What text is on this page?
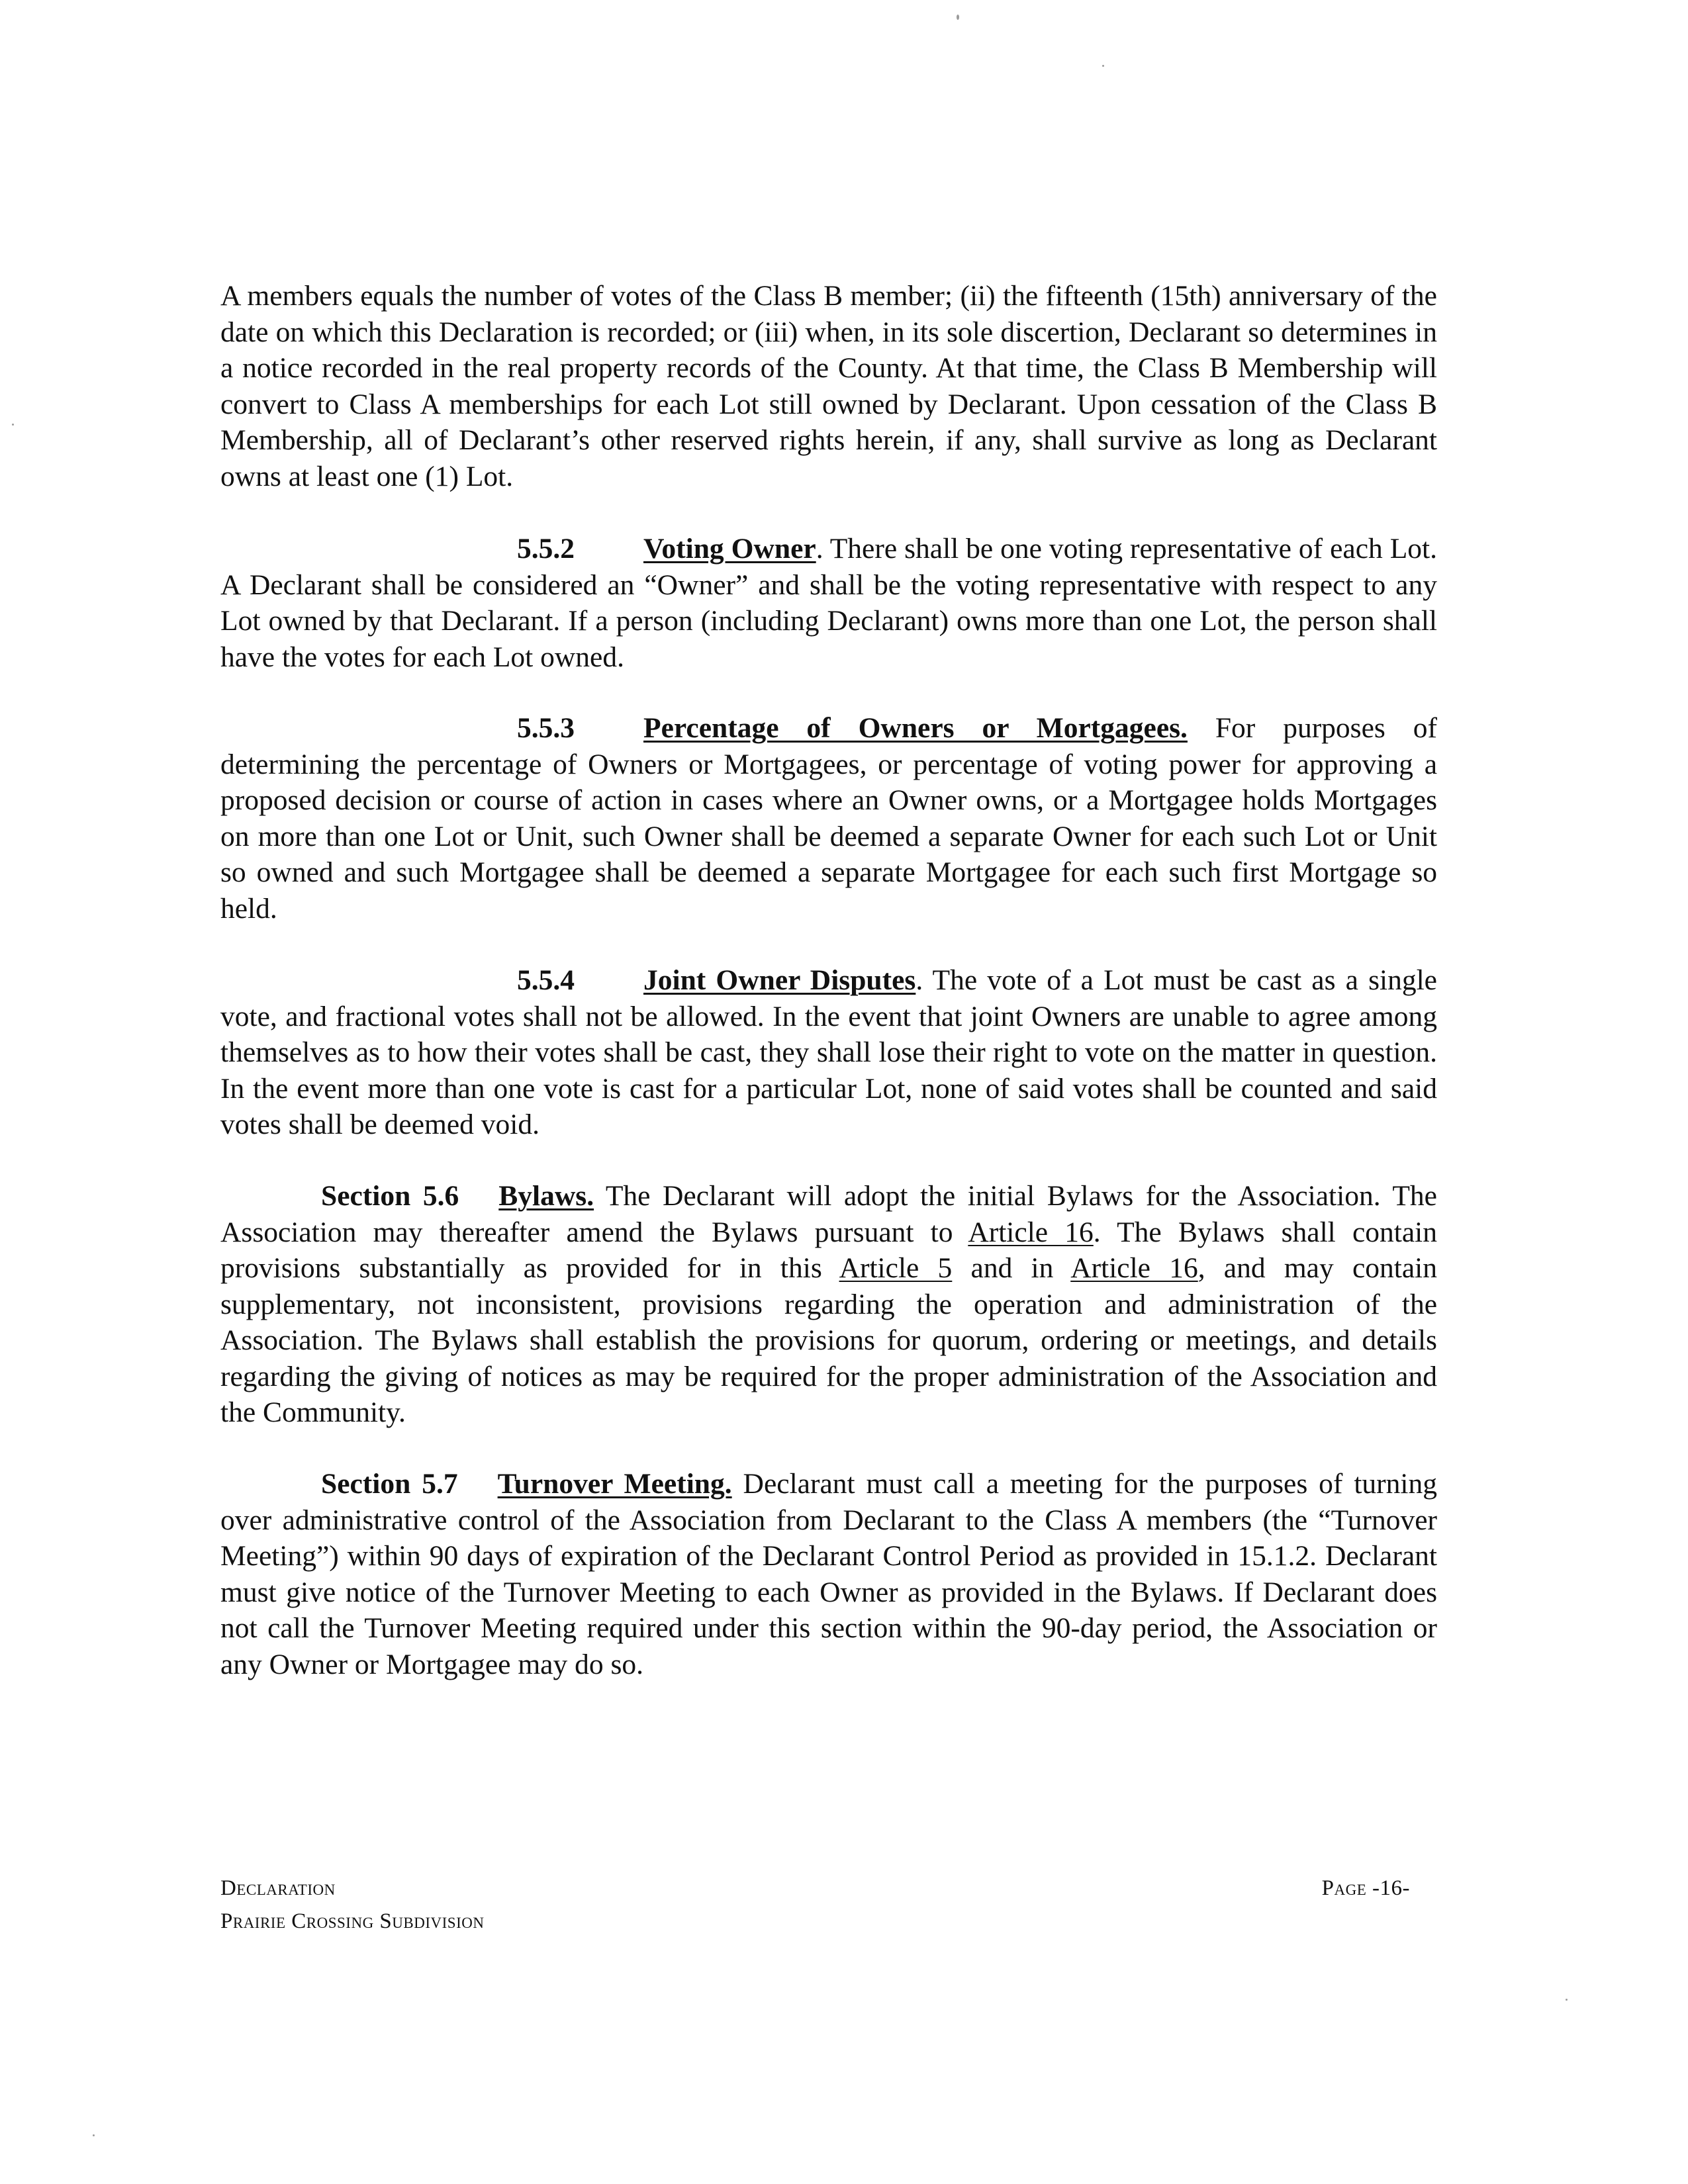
A members equals the number of votes of the Class B member; (ii) the fifteenth (15th) anniversary of the date on which this Declaration is recorded; or (iii) when, in its sole discertion, Declarant so determines in a notice recorded in the real property records of the County. At that time, the Class B Membership will convert to Class A memberships for each Lot still owned by Declarant. Upon cessation of the Class B Membership, all of Declarant’s other reserved rights herein, if any, shall survive as long as Declarant owns at least one (1) Lot.

5.5.2 Voting Owner. There shall be one voting representative of each Lot. A Declarant shall be considered an “Owner” and shall be the voting representative with respect to any Lot owned by that Declarant. If a person (including Declarant) owns more than one Lot, the person shall have the votes for each Lot owned.

5.5.3 Percentage of Owners or Mortgagees. For purposes of determining the percentage of Owners or Mortgagees, or percentage of voting power for approving a proposed decision or course of action in cases where an Owner owns, or a Mortgagee holds Mortgages on more than one Lot or Unit, such Owner shall be deemed a separate Owner for each such Lot or Unit so owned and such Mortgagee shall be deemed a separate Mortgagee for each such first Mortgage so held.

5.5.4 Joint Owner Disputes. The vote of a Lot must be cast as a single vote, and fractional votes shall not be allowed. In the event that joint Owners are unable to agree among themselves as to how their votes shall be cast, they shall lose their right to vote on the matter in question. In the event more than one vote is cast for a particular Lot, none of said votes shall be counted and said votes shall be deemed void.

Section 5.6 Bylaws. The Declarant will adopt the initial Bylaws for the Association. The Association may thereafter amend the Bylaws pursuant to Article 16. The Bylaws shall contain provisions substantially as provided for in this Article 5 and in Article 16, and may contain supplementary, not inconsistent, provisions regarding the operation and administration of the Association. The Bylaws shall establish the provisions for quorum, ordering or meetings, and details regarding the giving of notices as may be required for the proper administration of the Association and the Community.

Section 5.7 Turnover Meeting. Declarant must call a meeting for the purposes of turning over administrative control of the Association from Declarant to the Class A members (the “Turnover Meeting”) within 90 days of expiration of the Declarant Control Period as provided in 15.1.2. Declarant must give notice of the Turnover Meeting to each Owner as provided in the Bylaws. If Declarant does not call the Turnover Meeting required under this section within the 90-day period, the Association or any Owner or Mortgagee may do so.

Declaration
Prairie Crossing Subdivision
Page -16-
